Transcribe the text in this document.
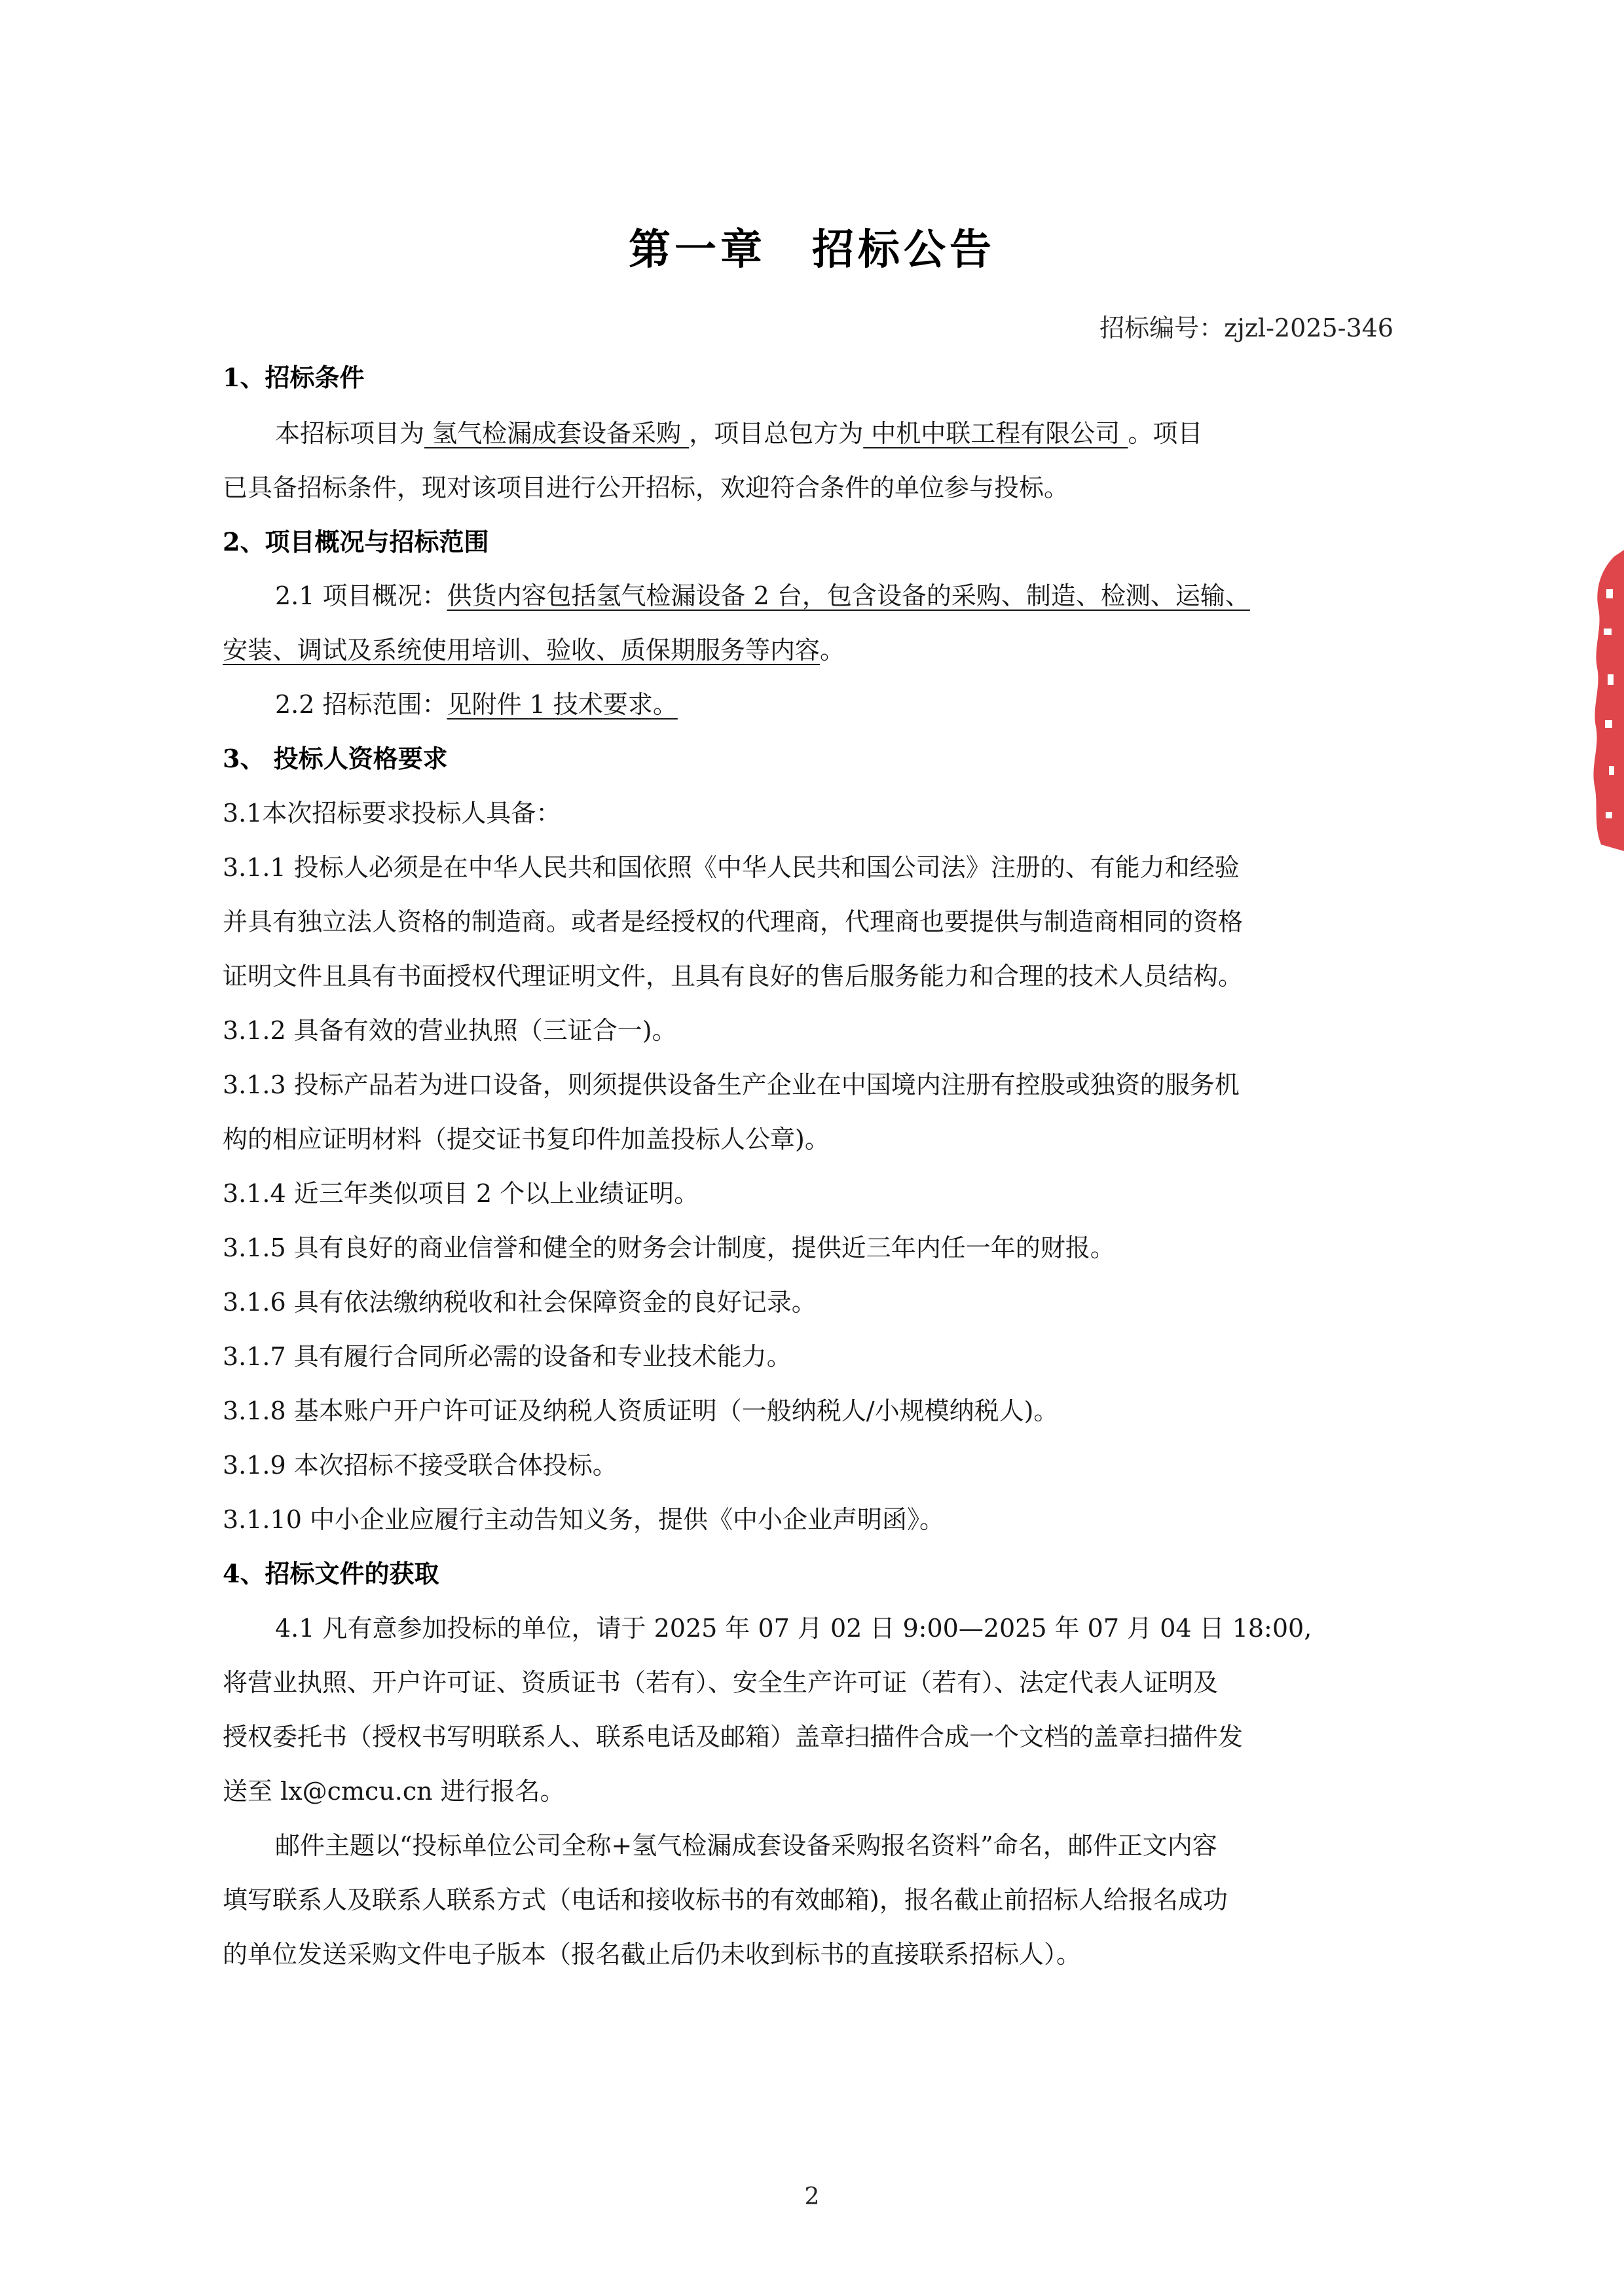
第一章 招标公告
招标编号：zjzl-2025-346
1、招标条件
本招标项目为 氢气检漏成套设备采购 ，项目总包方为 中机中联工程有限公司 。项目
已具备招标条件，现对该项目进行公开招标，欢迎符合条件的单位参与投标。
2、项目概况与招标范围
2.1 项目概况：供货内容包括氢气检漏设备 2 台，包含设备的采购、制造、检测、运输、
安装、调试及系统使用培训、验收、质保期服务等内容。
2.2 招标范围：见附件 1 技术要求。
3、 投标人资格要求
3.1本次招标要求投标人具备：
3.1.1 投标人必须是在中华人民共和国依照《中华人民共和国公司法》注册的、有能力和经验
并具有独立法人资格的制造商。或者是经授权的代理商，代理商也要提供与制造商相同的资格
证明文件且具有书面授权代理证明文件，且具有良好的售后服务能力和合理的技术人员结构。
3.1.2 具备有效的营业执照（三证合一)。
3.1.3 投标产品若为进口设备，则须提供设备生产企业在中国境内注册有控股或独资的服务机
构的相应证明材料（提交证书复印件加盖投标人公章)。
3.1.4 近三年类似项目 2 个以上业绩证明。
3.1.5 具有良好的商业信誉和健全的财务会计制度，提供近三年内任一年的财报。
3.1.6 具有依法缴纳税收和社会保障资金的良好记录。
3.1.7 具有履行合同所必需的设备和专业技术能力。
3.1.8 基本账户开户许可证及纳税人资质证明（一般纳税人/小规模纳税人)。
3.1.9 本次招标不接受联合体投标。
3.1.10 中小企业应履行主动告知义务，提供《中小企业声明函》。
4、招标文件的获取
4.1 凡有意参加投标的单位，请于 2025 年 07 月 02 日 9:00—2025 年 07 月 04 日 18:00,
将营业执照、开户许可证、资质证书（若有）、安全生产许可证（若有）、法定代表人证明及
授权委托书（授权书写明联系人、联系电话及邮箱）盖章扫描件合成一个文档的盖章扫描件发
送至 lx@cmcu.cn 进行报名。
邮件主题以“投标单位公司全称+氢气检漏成套设备采购报名资料”命名，邮件正文内容
填写联系人及联系人联系方式（电话和接收标书的有效邮箱)，报名截止前招标人给报名成功
的单位发送采购文件电子版本（报名截止后仍未收到标书的直接联系招标人）。
2
